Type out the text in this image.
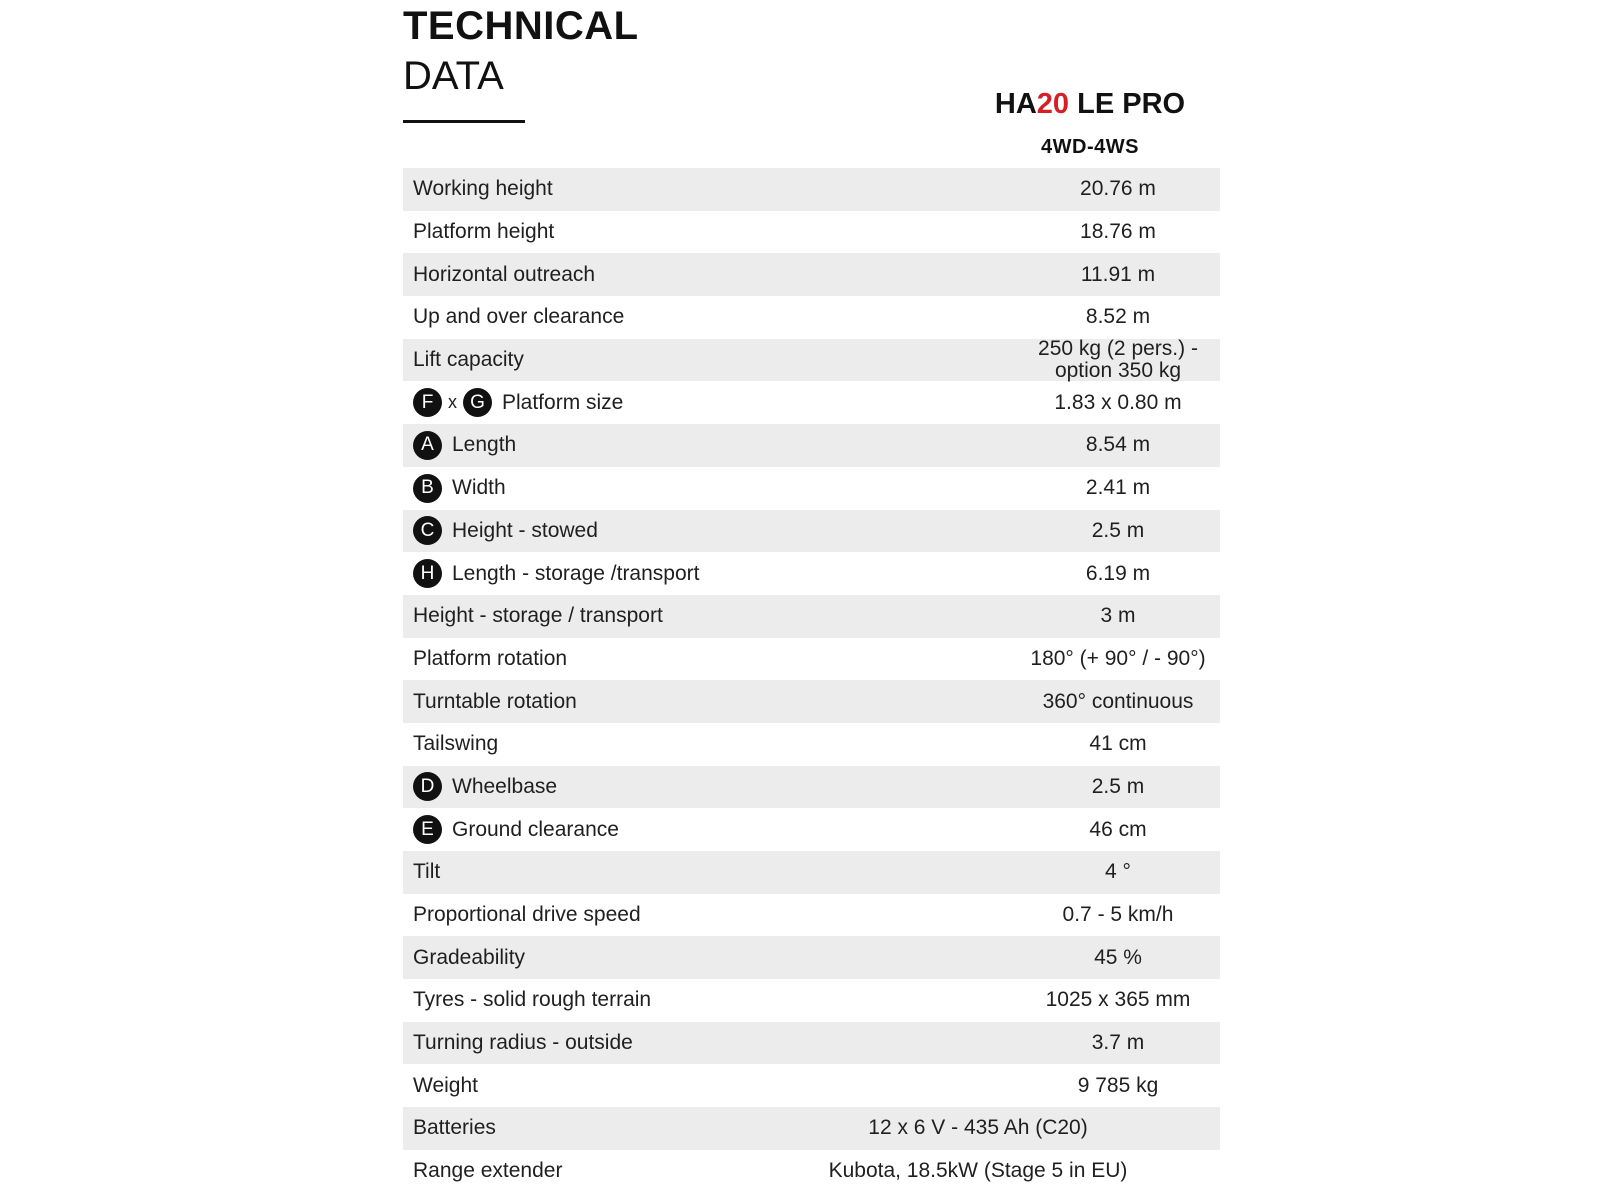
TECHNICAL
DATA
HA20 LE PRO
4WD-4WS
Working height	20.76 m
Platform height	18.76 m
Horizontal outreach	11.91 m
Up and over clearance	8.52 m
Lift capacity	250 kg (2 pers.) -
option 350 kg
F x G Platform size	1.83 x 0.80 m
A Length	8.54 m
B Width	2.41 m
C Height - stowed	2.5 m
H Length - storage /transport	6.19 m
Height - storage / transport	3 m
Platform rotation	180° (+ 90° / - 90°)
Turntable rotation	360° continuous
Tailswing	41 cm
D Wheelbase	2.5 m
E Ground clearance	46 cm
Tilt	4 °
Proportional drive speed	0.7 - 5 km/h
Gradeability	45 %
Tyres - solid rough terrain	1025 x 365 mm
Turning radius - outside	3.7 m
Weight	9 785 kg
Batteries	12 x 6 V - 435 Ah (C20)
Range extender	Kubota, 18.5kW (Stage 5 in EU)
